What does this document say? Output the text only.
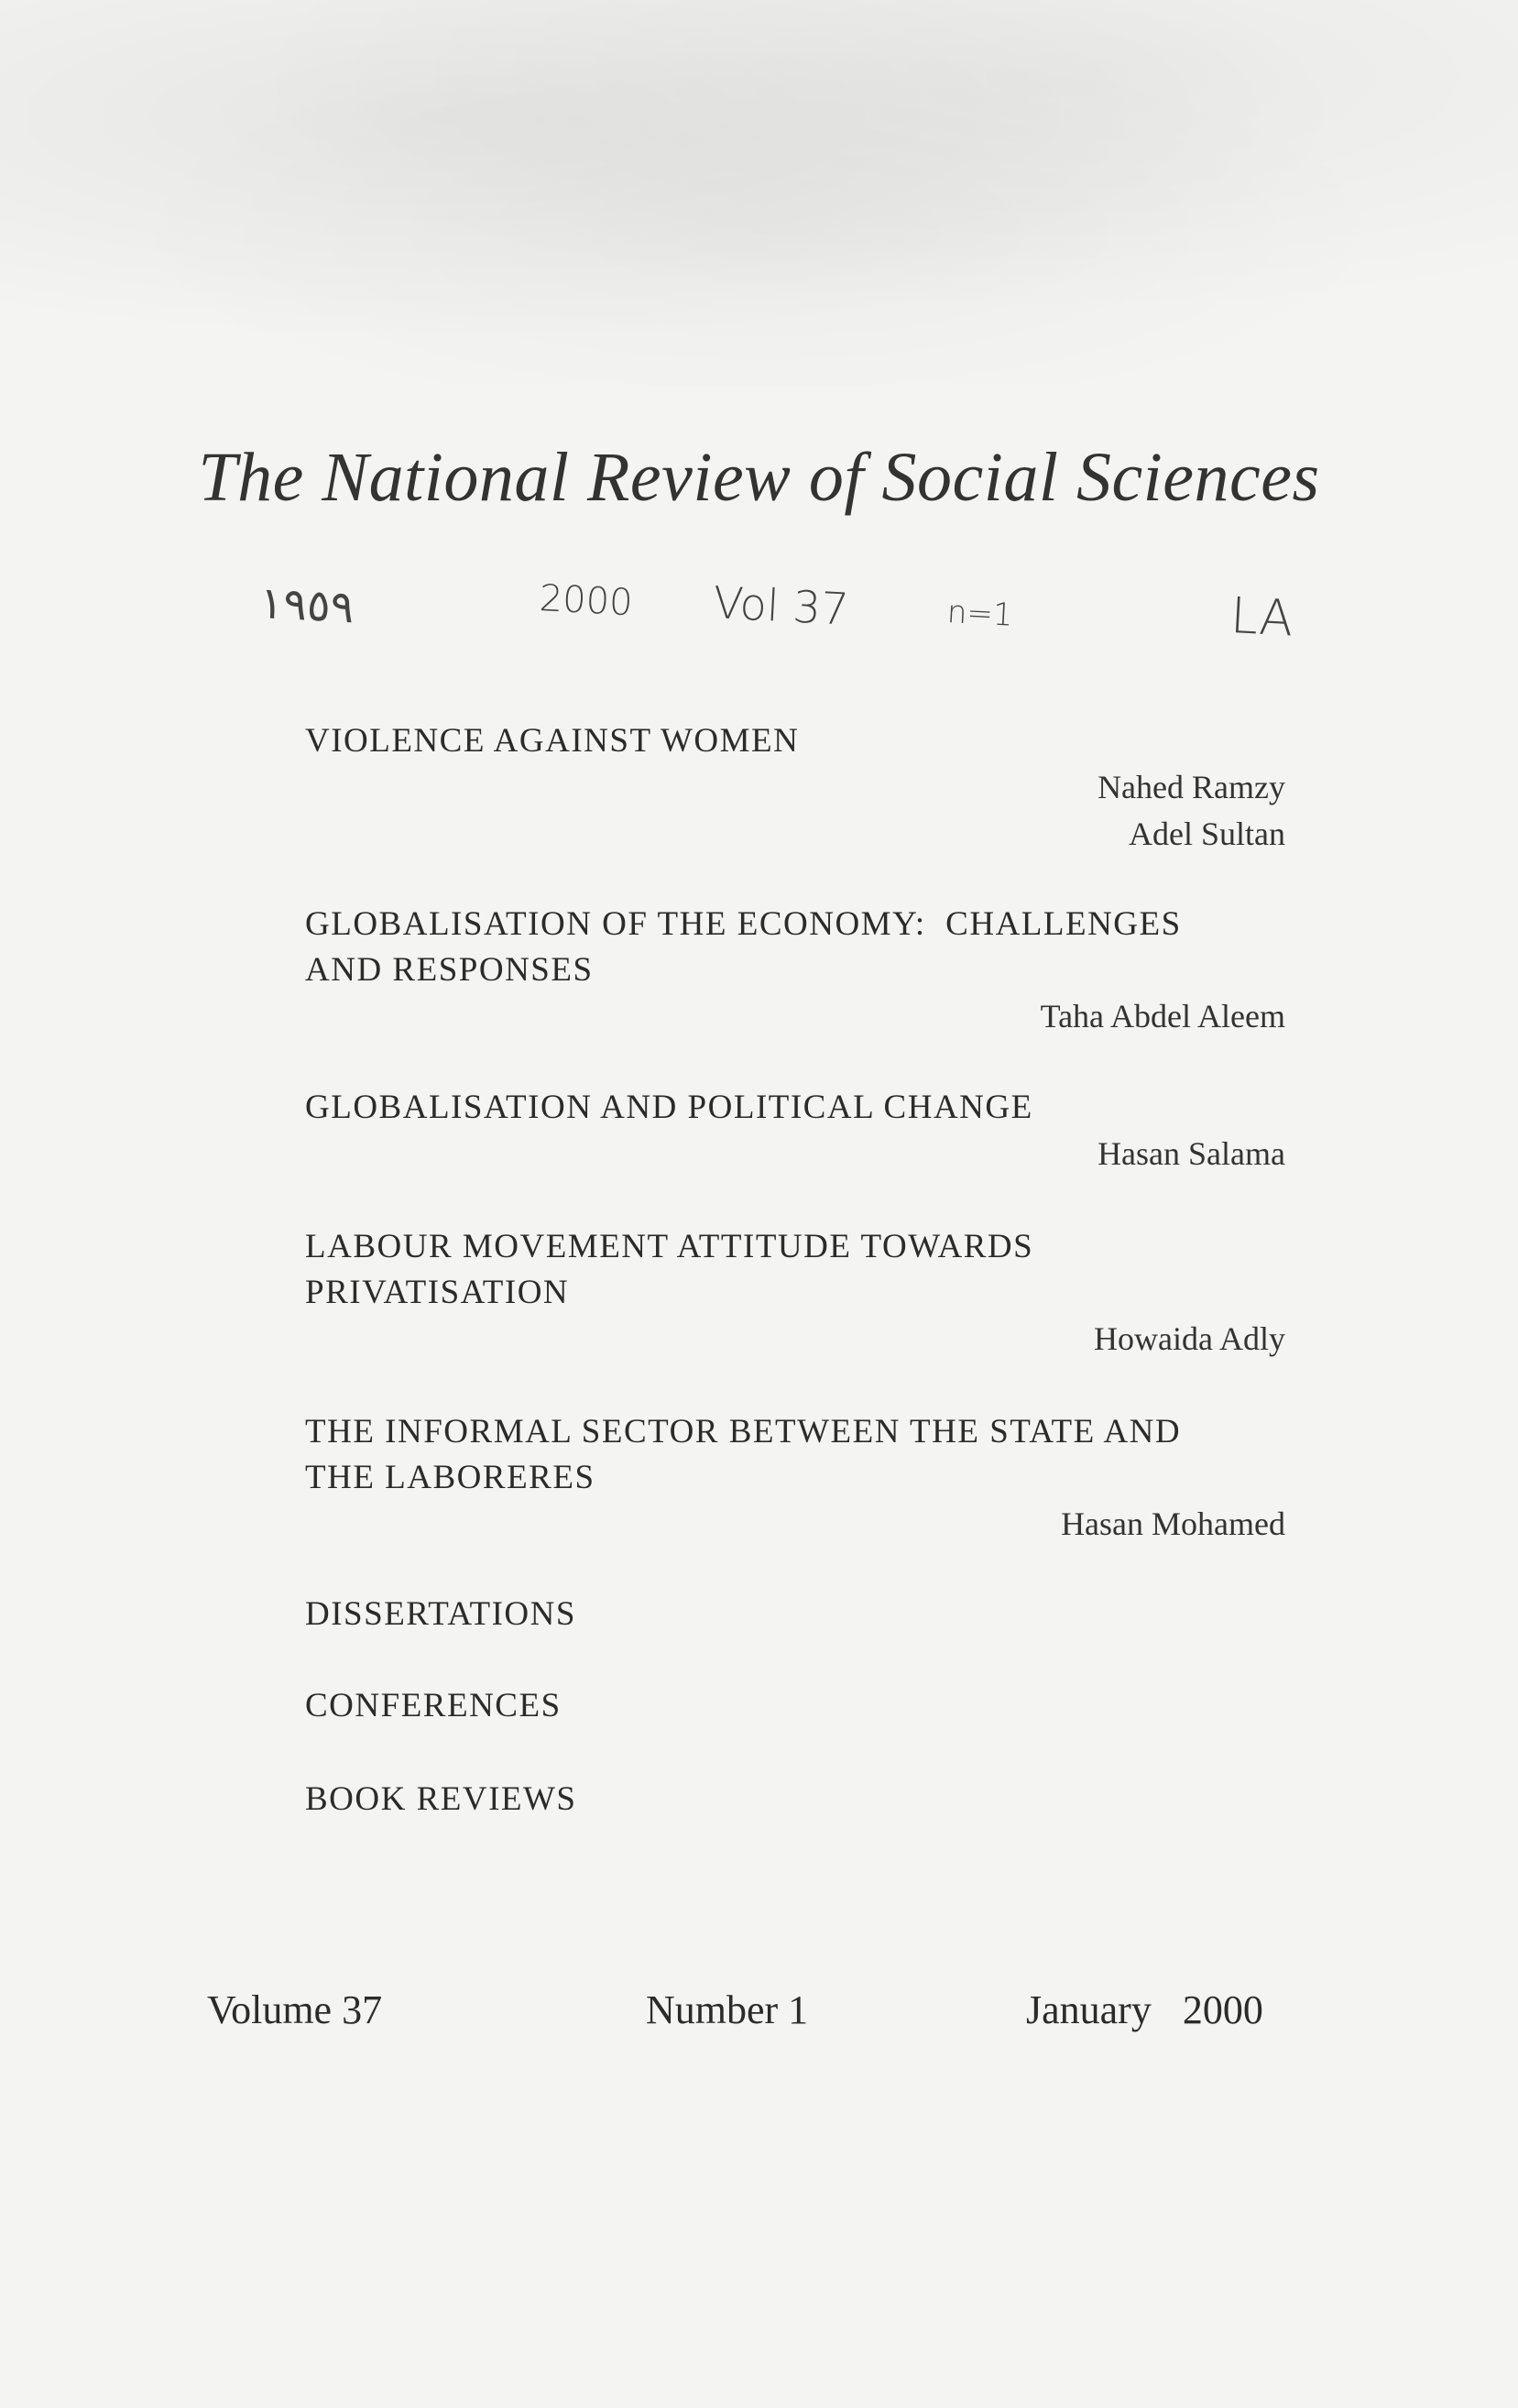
The National Review of Social Sciences
١٩٥٩	2000 Vol 37	n=1	LA

VIOLENCE AGAINST WOMEN

Nahed Ramzy

Adel Sultan

GLOBALISATION OF THE ECONOMY:  CHALLENGES

AND RESPONSES

Taha Abdel Aleem

GLOBALISATION AND POLITICAL CHANGE

Hasan Salama

LABOUR MOVEMENT ATTITUDE TOWARDS

PRIVATISATION

Howaida Adly

THE INFORMAL SECTOR BETWEEN THE STATE AND

THE LABORERES

Hasan Mohamed

DISSERTATIONS
CONFERENCES
BOOK REVIEWS
Volume 37	Number 1	January  2000
